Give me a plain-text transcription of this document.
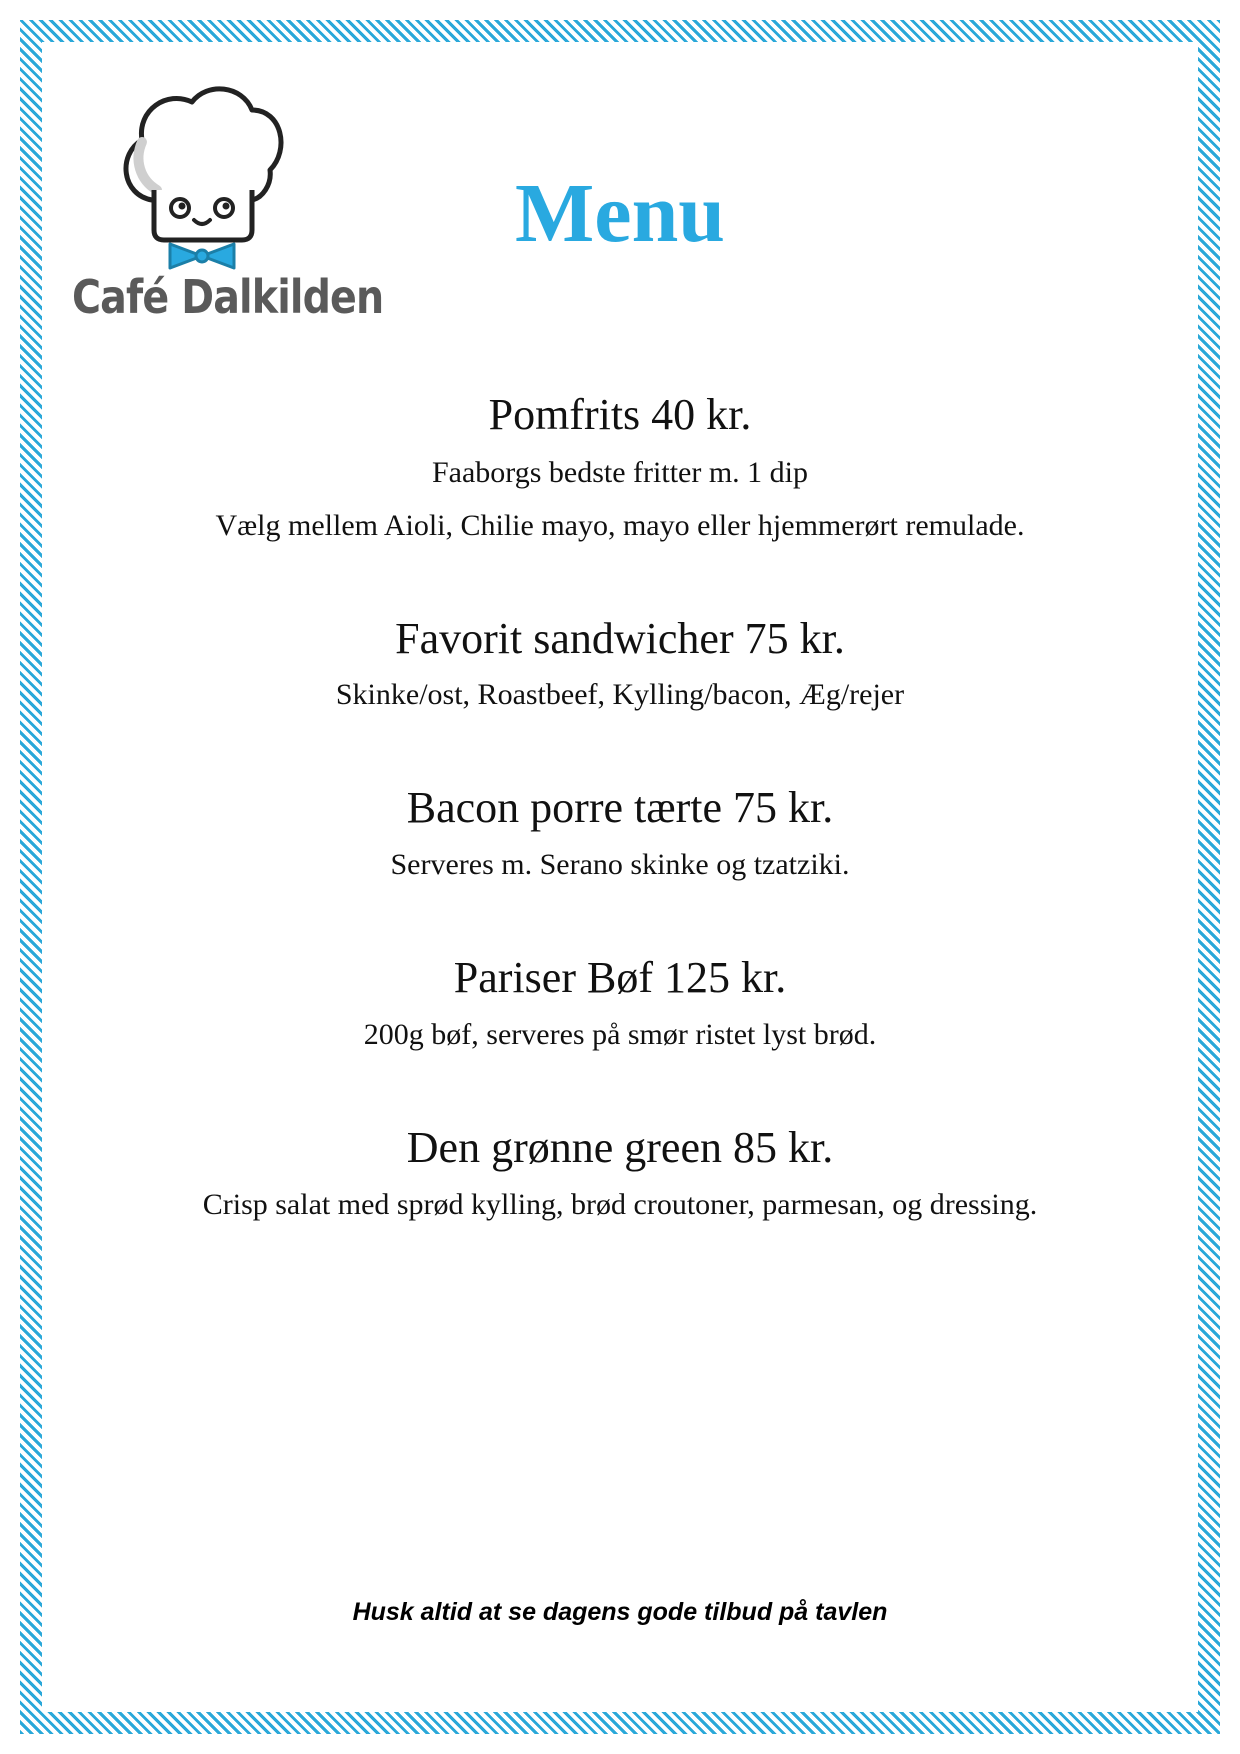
Café Dalkilden
Menu
Pomfrits 40 kr.
Faaborgs bedste fritter m. 1 dip
Vælg mellem Aioli, Chilie mayo, mayo eller hjemmerørt remulade.
Favorit sandwicher 75 kr.
Skinke/ost, Roastbeef, Kylling/bacon, Æg/rejer
Bacon porre tærte 75 kr.
Serveres m. Serano skinke og tzatziki.
Pariser Bøf 125 kr.
200g bøf, serveres på smør ristet lyst brød.
Den grønne green 85 kr.
Crisp salat med sprød kylling, brød croutoner, parmesan, og dressing.
Husk altid at se dagens gode tilbud på tavlen
